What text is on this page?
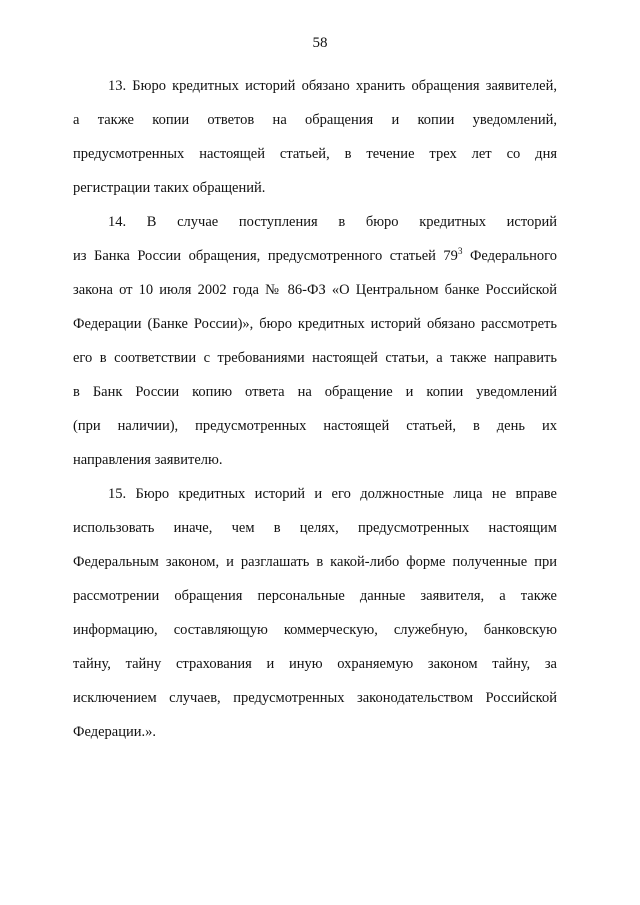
58
13. Бюро кредитных историй обязано хранить обращения заявителей,
а также копии ответов на обращения и копии уведомлений,
предусмотренных настоящей статьей, в течение трех лет со дня
регистрации таких обращений.
14. В случае поступления в бюро кредитных историй
из Банка России обращения, предусмотренного статьей $79^3$ Федерального
закона от 10 июля 2002 года № 86-ФЗ «О Центральном банке Российской
Федерации (Банке России)», бюро кредитных историй обязано рассмотреть
его в соответствии с требованиями настоящей статьи, а также направить
в Банк России копию ответа на обращение и копии уведомлений
(при наличии), предусмотренных настоящей статьей, в день их
направления заявителю.
15. Бюро кредитных историй и его должностные лица не вправе
использовать иначе, чем в целях, предусмотренных настоящим
Федеральным законом, и разглашать в какой-либо форме полученные при
рассмотрении обращения персональные данные заявителя, а также
информацию, составляющую коммерческую, служебную, банковскую
тайну, тайну страхования и иную охраняемую законом тайну, за
исключением случаев, предусмотренных законодательством Российской
Федерации.».
